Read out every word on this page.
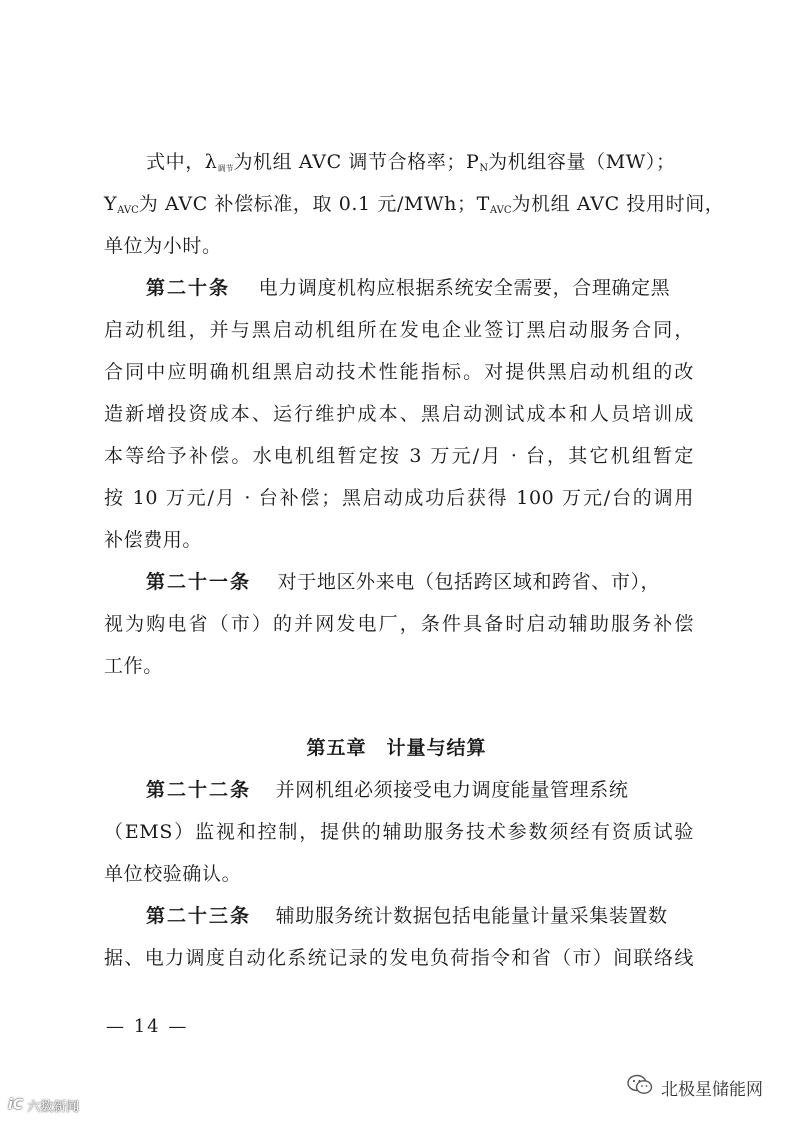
式中，λ调节为机组 AVC 调节合格率；$P_N$为机组容量（MW）；
$Y_{AVC}$为 AVC 补偿标准，取 0.1 元/MWh；$T_{AVC}$为机组 AVC 投用时间，
单位为小时。
第二十条 电力调度机构应根据系统安全需要，合理确定黑
启动机组，并与黑启动机组所在发电企业签订黑启动服务合同，
合同中应明确机组黑启动技术性能指标。对提供黑启动机组的改
造新增投资成本、运行维护成本、黑启动测试成本和人员培训成
本等给予补偿。水电机组暂定按 3 万元/月 · 台，其它机组暂定
按 10 万元/月 · 台补偿；黑启动成功后获得 100 万元/台的调用
补偿费用。
第二十一条 对于地区外来电（包括跨区域和跨省、市），
视为购电省（市）的并网发电厂，条件具备时启动辅助服务补偿
工作。
第五章 计量与结算
第二十二条 并网机组必须接受电力调度能量管理系统
（EMS）监视和控制，提供的辅助服务技术参数须经有资质试验
单位校验确认。
第二十三条 辅助服务统计数据包括电能量计量采集装置数
据、电力调度自动化系统记录的发电负荷指令和省（市）间联络线
— 14 —
北极星储能网
iC 六数新闻
